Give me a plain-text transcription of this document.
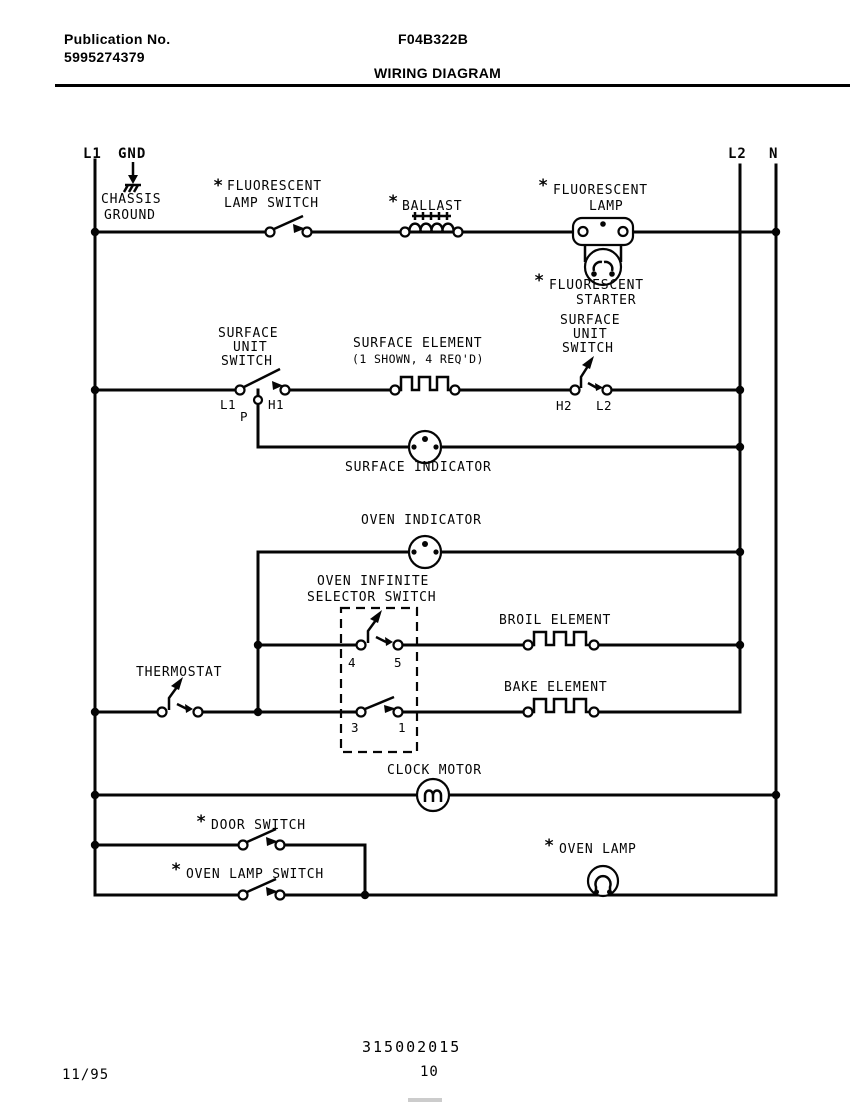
Publication No.
5995274379
F04B322B
WIRING DIAGRAM
L1 GND	L2 N
CHASSIS
GROUND
* FLUORESCENT
LAMP SWITCH	* BALLAST
* FLUORESCENT
LAMP
* FLUORESCENT
STARTER
SURFACE
UNIT
SWITCH
L1	H1
P
SURFACE ELEMENT
(1 SHOWN, 4 REQ'D)
SURFACE
UNIT
SWITCH
H2 L2
SURFACE INDICATOR
OVEN INDICATOR
OVEN INFINITE
SELECTOR SWITCH
4	5
3	1
BROIL ELEMENT
BAKE ELEMENT
THERMOSTAT
CLOCK MOTOR
* DOOR SWITCH
* OVEN LAMP SWITCH
* OVEN LAMP
315002015
10
11/95
